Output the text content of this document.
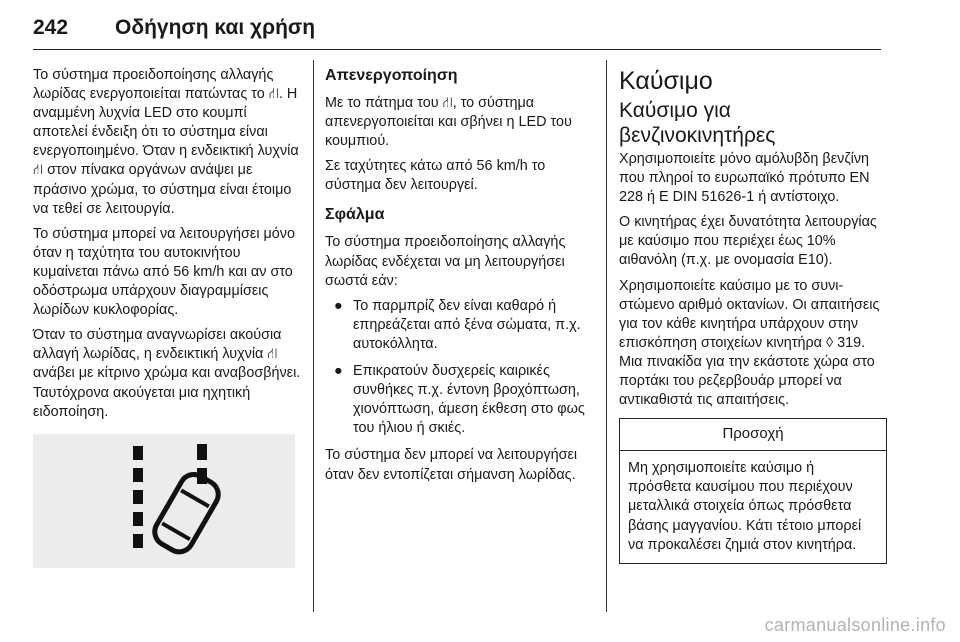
242 Οδήγηση και χρήση

Το σύστημα προειδοποίησης αλλαγής λωρίδας ενεργοποιείται πατώντας το ⛙. Η αναμμένη λυχνία LED στο κουμπί αποτελεί ένδειξη ότι το σύστημα είναι ενεργοποιημένο. Όταν η ενδεικτική λυχνία ⛙ στον πίνακα οργάνων ανάψει με πράσινο χρώμα, το σύστημα είναι έτοιμο να τεθεί σε λειτουργία.

Το σύστημα μπορεί να λειτουργήσει μόνο όταν η ταχύτητα του αυτοκινήτου κυμαίνεται πάνω από 56 km/h και αν στο οδόστρωμα υπάρχουν διαγραμμίσεις λωρίδων κυκλοφορίας.

Όταν το σύστημα αναγνωρίσει ακούσια αλλαγή λωρίδας, η ενδεικτική λυχνία ⛙ ανάβει με κίτρινο χρώμα και αναβοσβήνει. Ταυτόχρονα ακούγεται μια ηχητική ειδοποίηση.

Απενεργοποίηση

Με το πάτημα του ⛙, το σύστημα απενεργοποιείται και σβήνει η LED του κουμπιού.

Σε ταχύτητες κάτω από 56 km/h το σύστημα δεν λειτουργεί.

Σφάλμα

Το σύστημα προειδοποίησης αλλαγής λωρίδας ενδέχεται να μη λειτουργήσει σωστά εάν:

● Το παρμπρίζ δεν είναι καθαρό ή επηρεάζεται από ξένα σώματα, π.χ. αυτοκόλλητα.
● Επικρατούν δυσχερείς καιρικές συνθήκες π.χ. έντονη βροχόπτωση, χιονόπτωση, άμεση έκθεση στο φως του ήλιου ή σκιές.

Το σύστημα δεν μπορεί να λειτουργήσει όταν δεν εντοπίζεται σήμανση λωρίδας.

Καύσιμο
Καύσιμο για βενζινοκινητήρες

Χρησιμοποιείτε μόνο αμόλυβδη βενζίνη που πληροί το ευρωπαϊκό πρότυπο EN 228 ή E DIN 51626-1 ή αντίστοιχο.

Ο κινητήρας έχει δυνατότητα λειτουργίας με καύσιμο που περιέχει έως 10% αιθανόλη (π.χ. με ονομασία E10).

Χρησιμοποιείτε καύσιμο με το συνιστώμενο αριθμό οκτανίων. Οι απαιτήσεις για τον κάθε κινητήρα υπάρχουν στην επισκόπηση στοιχείων κινητήρα ◊ 319. Μια πινακίδα για την εκάστοτε χώρα στο πορτάκι του ρεζερβουάρ μπορεί να αντικαθιστά τις απαιτήσεις.

Προσοχή

Μη χρησιμοποιείτε καύσιμο ή πρόσθετα καυσίμου που περιέχουν μεταλλικά στοιχεία όπως πρόσθετα βάσης μαγγανίου. Κάτι τέτοιο μπορεί να προκαλέσει ζημιά στον κινητήρα.

carmanualsonline.info
